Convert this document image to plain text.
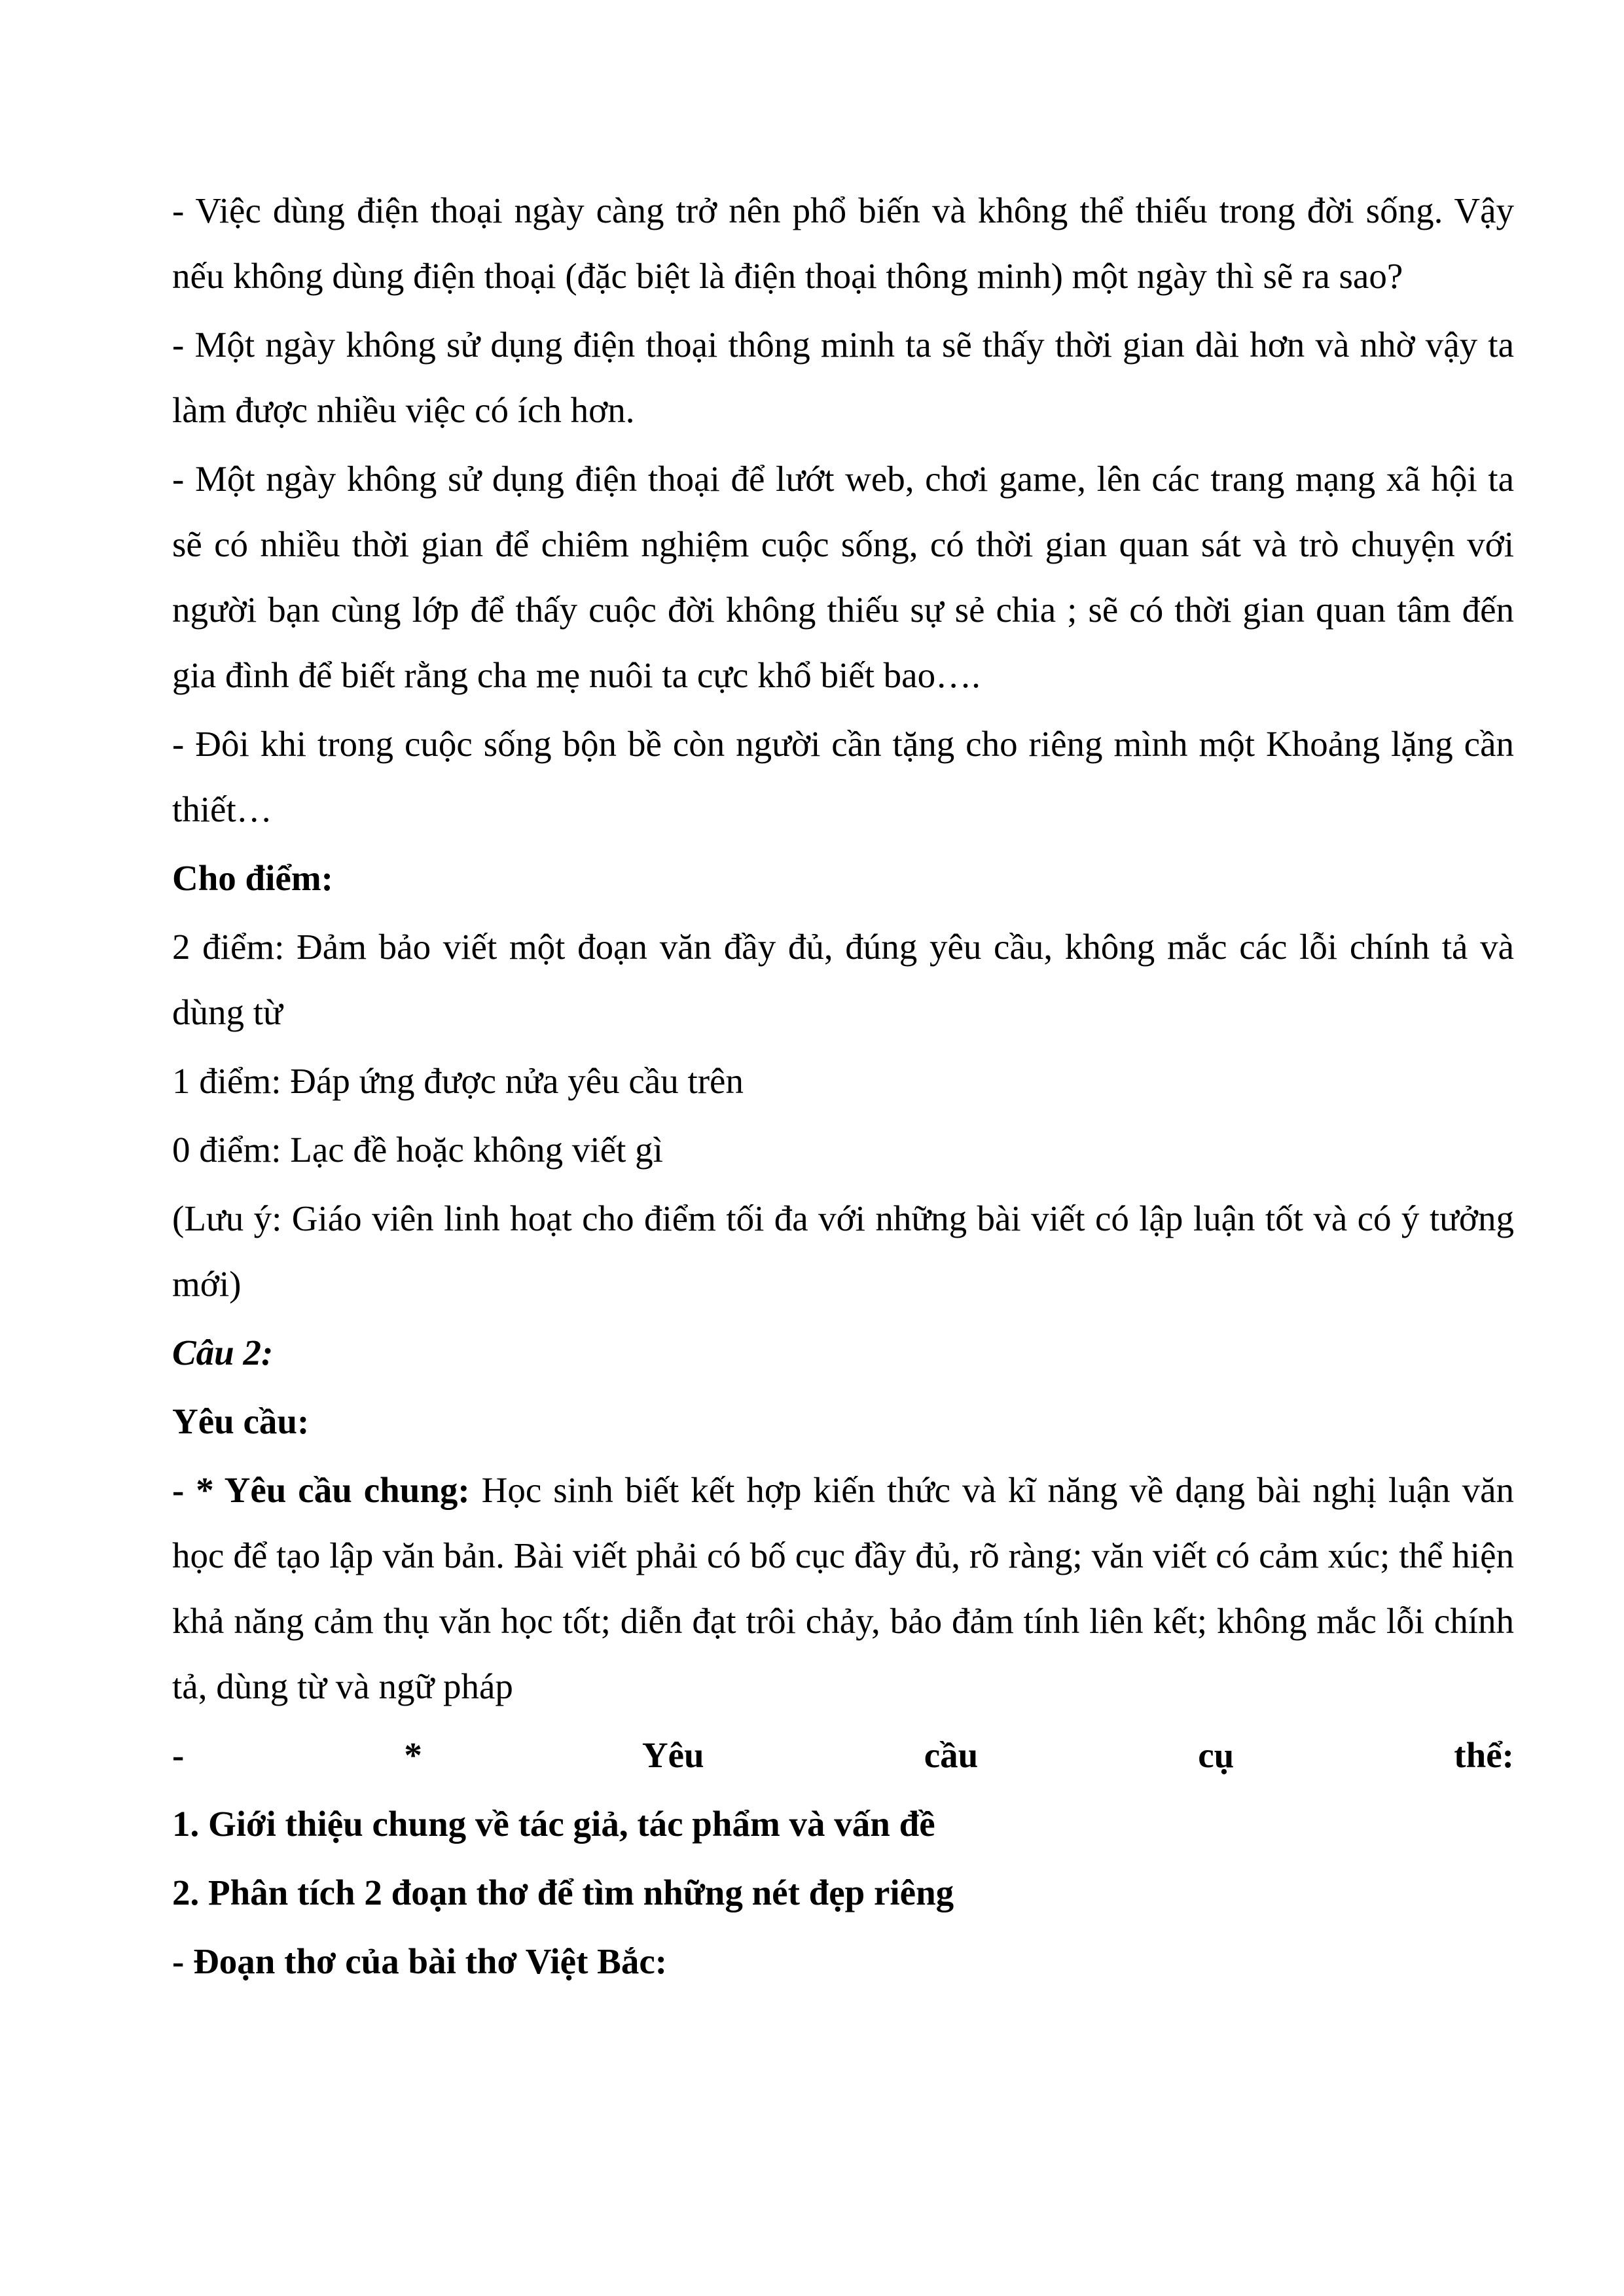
- Việc dùng điện thoại ngày càng trở nên phổ biến và không thể thiếu trong đời sống. Vậy nếu không dùng điện thoại (đặc biệt là điện thoại thông minh) một ngày thì sẽ ra sao?

- Một ngày không sử dụng điện thoại thông minh ta sẽ thấy thời gian dài hơn và nhờ vậy ta làm được nhiều việc có ích hơn.

- Một ngày không sử dụng điện thoại để lướt web, chơi game, lên các trang mạng xã hội ta sẽ có nhiều thời gian để chiêm nghiệm cuộc sống, có thời gian quan sát và trò chuyện với người bạn cùng lớp để thấy cuộc đời không thiếu sự sẻ chia ; sẽ có thời gian quan tâm đến gia đình để biết rằng cha mẹ nuôi ta cực khổ biết bao….

- Đôi khi trong cuộc sống bộn bề còn người cần tặng cho riêng mình một Khoảng lặng cần thiết…

Cho điểm:

2 điểm: Đảm bảo viết một đoạn văn đầy đủ, đúng yêu cầu, không mắc các lỗi chính tả và dùng từ

1 điểm: Đáp ứng được nửa yêu cầu trên

0 điểm: Lạc đề hoặc không viết gì

(Lưu ý: Giáo viên linh hoạt cho điểm tối đa với những bài viết có lập luận tốt và có ý tưởng mới)

Câu 2:

Yêu cầu:

- * Yêu cầu chung: Học sinh biết kết hợp kiến thức và kĩ năng về dạng bài nghị luận văn học để tạo lập văn bản. Bài viết phải có bố cục đầy đủ, rõ ràng; văn viết có cảm xúc; thể hiện khả năng cảm thụ văn học tốt; diễn đạt trôi chảy, bảo đảm tính liên kết; không mắc lỗi chính tả, dùng từ và ngữ pháp

-	*	Yêu	cầu	cụ	thể:

1. Giới thiệu chung về tác giả, tác phẩm và vấn đề

2. Phân tích 2 đoạn thơ để tìm những nét đẹp riêng

- Đoạn thơ của bài thơ Việt Bắc:
